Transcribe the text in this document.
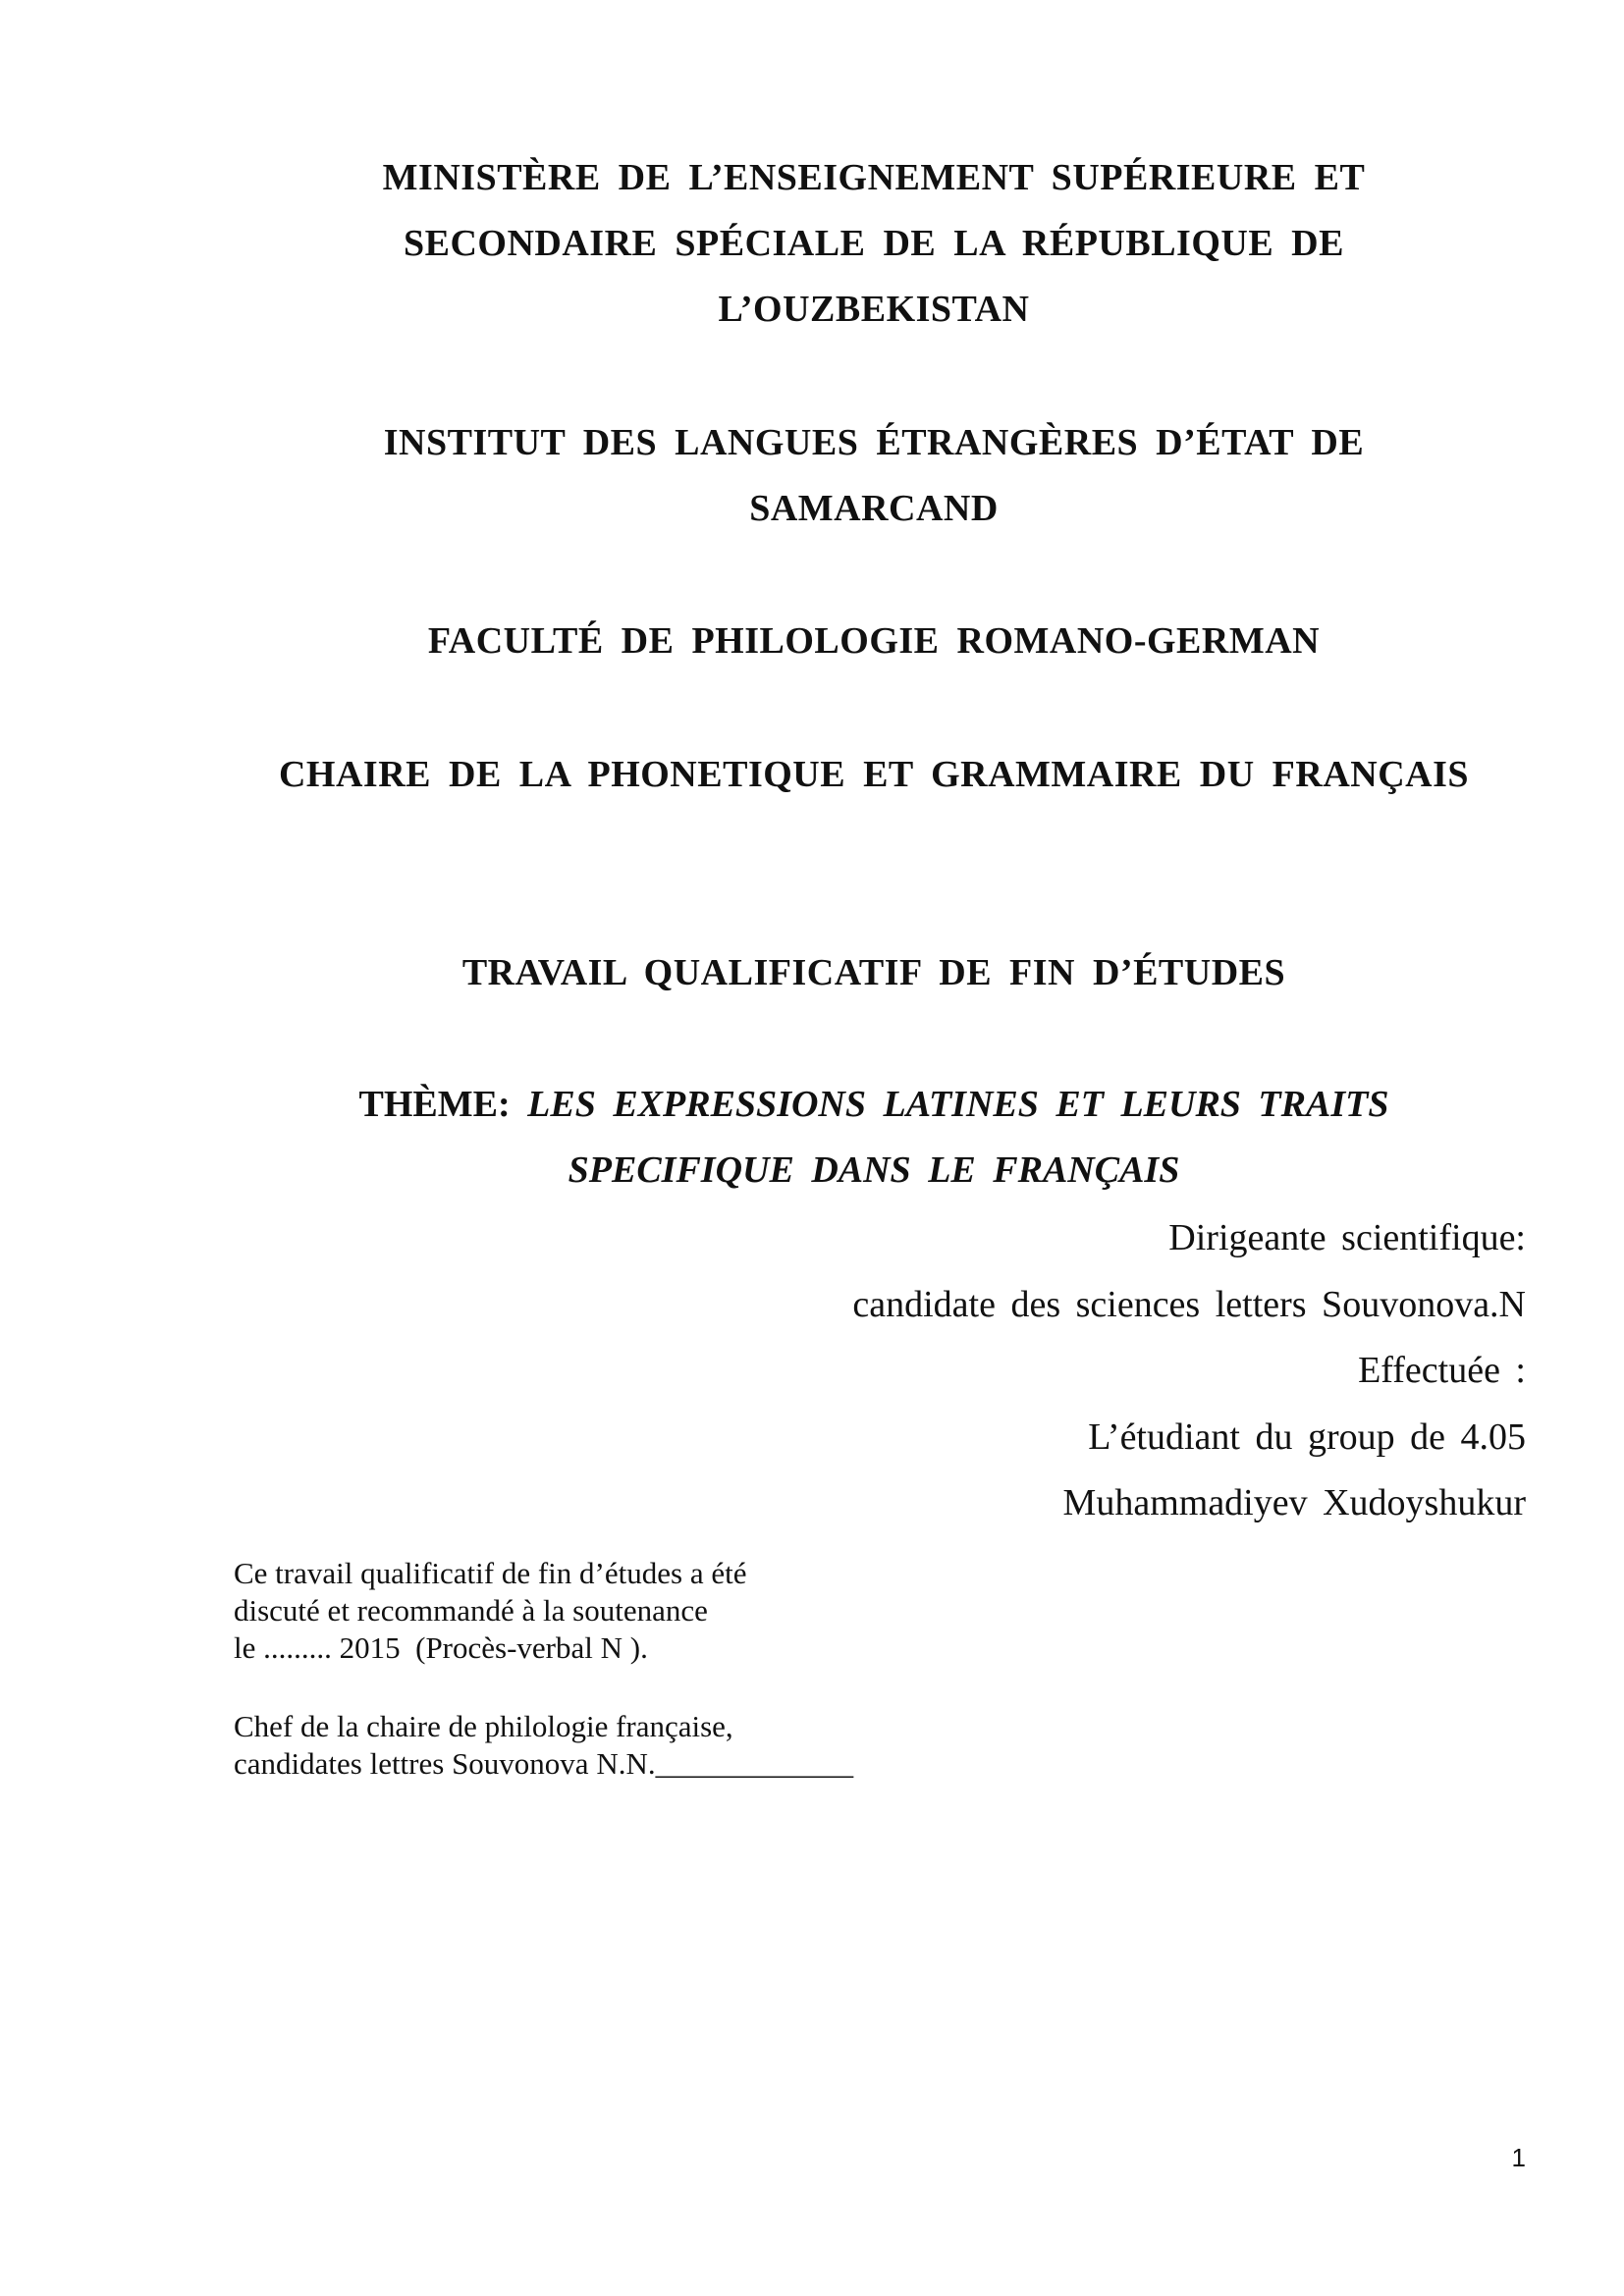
MINISTÈRE DE L’ENSEIGNEMENT SUPÉRIEURE ET
SECONDAIRE SPÉCIALE DE LA RÉPUBLIQUE DE
L’OUZBEKISTAN
INSTITUT DES LANGUES ÉTRANGÈRES D’ÉTAT DE
SAMARCAND
FACULTÉ DE PHILOLOGIE ROMANO-GERMAN
CHAIRE DE LA PHONETIQUE ET GRAMMAIRE DU FRANÇAIS
TRAVAIL QUALIFICATIF DE FIN D’ÉTUDES
THÈME: LES EXPRESSIONS LATINES ET LEURS TRAITS
SPECIFIQUE DANS LE FRANÇAIS
Dirigeante scientifique:
candidate des sciences letters Souvonova.N
Effectuée :
L’étudiant du group de 4.05
Muhammadiyev Xudoyshukur
Ce travail qualificatif de fin d’études a été
discuté et recommandé à la soutenance
le ......... 2015  (Procès-verbal N ).
Chef de la chaire de philologie française,
candidates lettres Souvonova N.N._____________
1
